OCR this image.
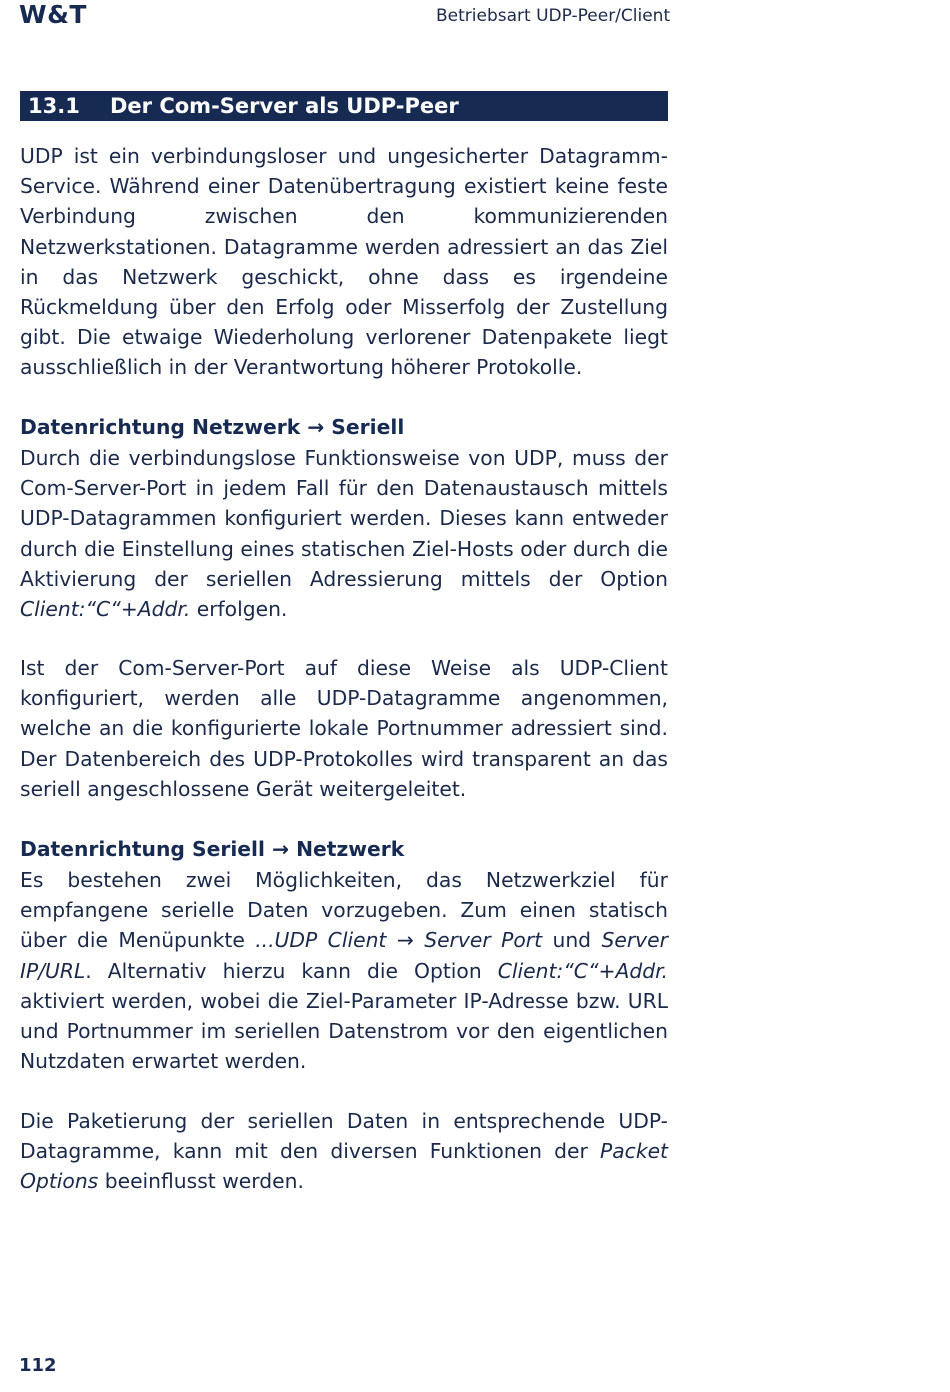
W&T	Betriebsart UDP-Peer/Client
13.1 Der Com-Server als UDP-Peer

UDP ist ein verbindungsloser und ungesicherter Datagramm-Service. Während einer Datenübertragung existiert keine feste Verbindung zwischen den kommunizierenden Netzwerkstationen. Datagramme werden adressiert an das Ziel in das Netzwerk geschickt, ohne dass es irgendeine Rückmeldung über den Erfolg oder Misserfolg der Zustellung gibt. Die etwaige Wiederholung verlorener Datenpakete liegt ausschließlich in der Verantwortung höherer Protokolle.

Datenrichtung Netzwerk → Seriell

Durch die verbindungslose Funktionsweise von UDP, muss der Com-Server-Port in jedem Fall für den Datenaustausch mittels UDP-Datagrammen konfiguriert werden. Dieses kann entweder durch die Einstellung eines statischen Ziel-Hosts oder durch die Aktivierung der seriellen Adressierung mittels der Option Client:“C“+Addr. erfolgen.

Ist der Com-Server-Port auf diese Weise als UDP-Client konfiguriert, werden alle UDP-Datagramme angenommen, welche an die konfigurierte lokale Portnummer adressiert sind. Der Datenbereich des UDP-Protokolles wird transparent an das seriell angeschlossene Gerät weitergeleitet.

Datenrichtung Seriell → Netzwerk

Es bestehen zwei Möglichkeiten, das Netzwerkziel für empfangene serielle Daten vorzugeben. Zum einen statisch über die Menüpunkte ...UDP Client → Server Port und Server IP/URL. Alternativ hierzu kann die Option Client:“C“+Addr. aktiviert werden, wobei die Ziel-Parameter IP-Adresse bzw. URL und Portnummer im seriellen Datenstrom vor den eigentlichen Nutzdaten erwartet werden.

Die Paketierung der seriellen Daten in entsprechende UDP-Datagramme, kann mit den diversen Funktionen der Packet Options beeinflusst werden.

112
